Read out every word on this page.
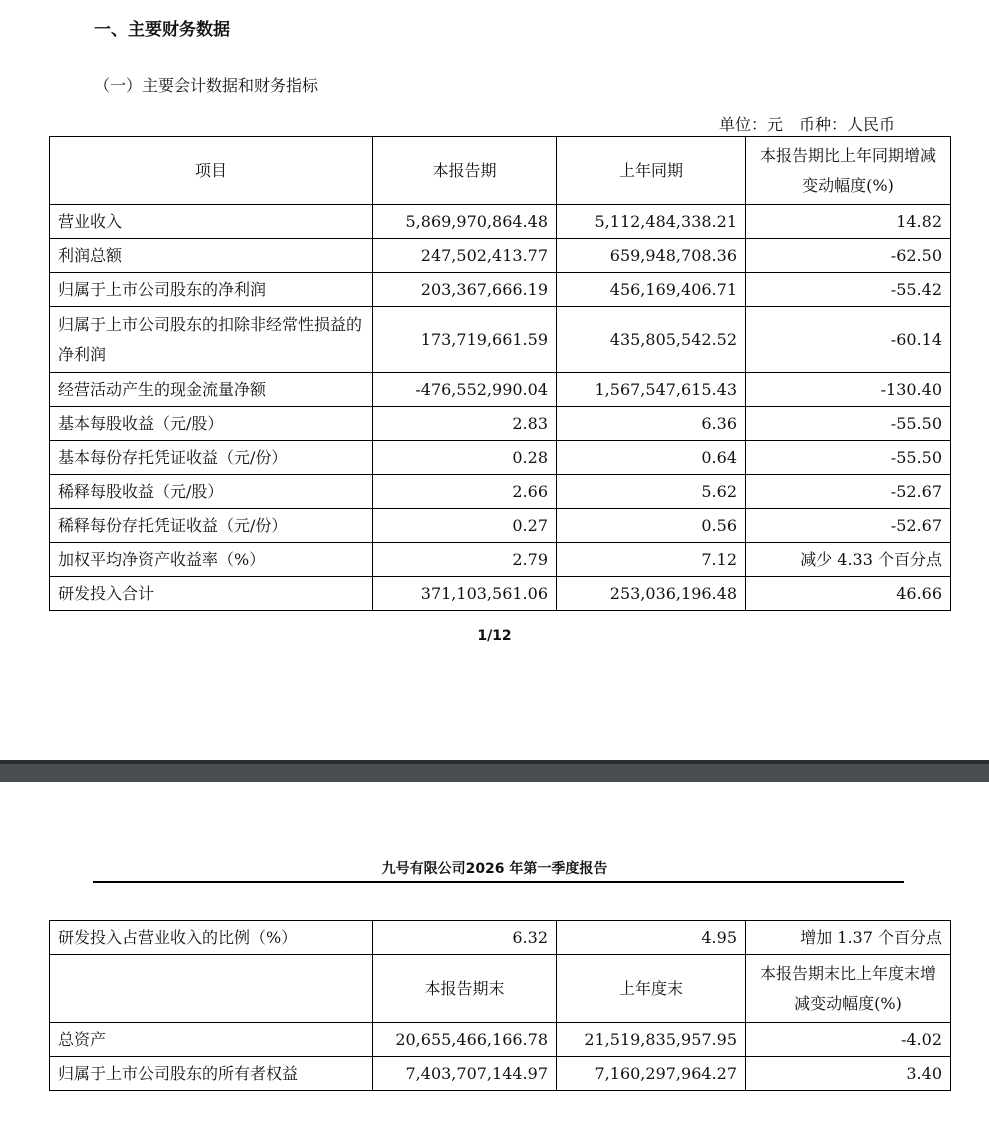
一、主要财务数据
（一）主要会计数据和财务指标
单位：元　币种：人民币
项目	本报告期	上年同期	本报告期比上年同期增减变动幅度(%)
营业收入	5,869,970,864.48	5,112,484,338.21	14.82
利润总额	247,502,413.77	659,948,708.36	-62.50
归属于上市公司股东的净利润	203,367,666.19	456,169,406.71	-55.42
归属于上市公司股东的扣除非经常性损益的净利润	173,719,661.59	435,805,542.52	-60.14
经营活动产生的现金流量净额	-476,552,990.04	1,567,547,615.43	-130.40
基本每股收益（元/股）	2.83	6.36	-55.50
基本每份存托凭证收益（元/份）	0.28	0.64	-55.50
稀释每股收益（元/股）	2.66	5.62	-52.67
稀释每份存托凭证收益（元/份）	0.27	0.56	-52.67
加权平均净资产收益率（%）	2.79	7.12	减少 4.33 个百分点
研发投入合计	371,103,561.06	253,036,196.48	46.66
1/12
九号有限公司2026 年第一季度报告
研发投入占营业收入的比例（%）	6.32	4.95	增加 1.37 个百分点
	本报告期末	上年度末	本报告期末比上年度末增减变动幅度(%)
总资产	20,655,466,166.78	21,519,835,957.95	-4.02
归属于上市公司股东的所有者权益	7,403,707,144.97	7,160,297,964.27	3.40
